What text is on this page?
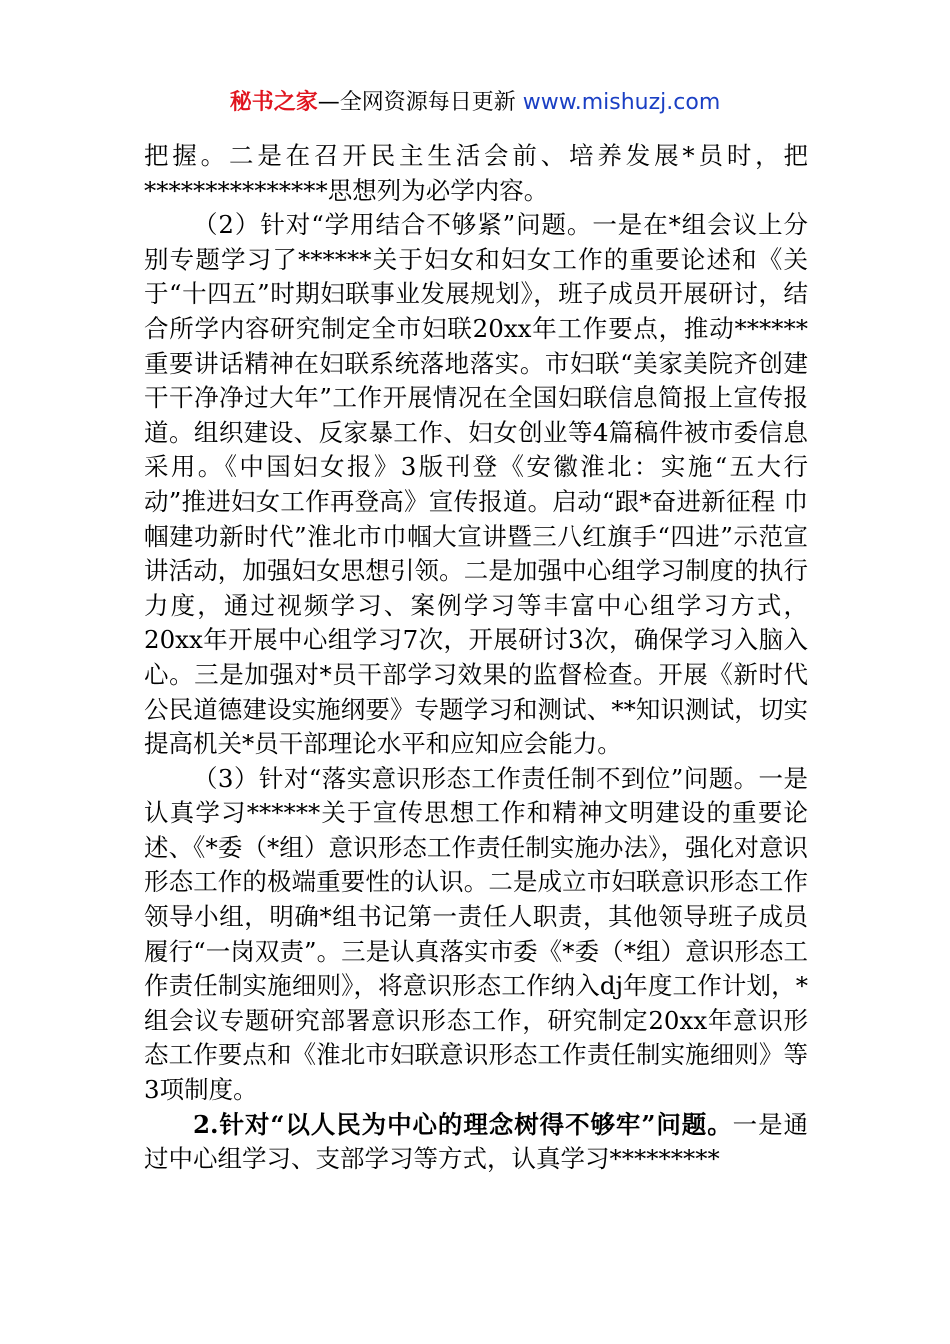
秘书之家—全网资源每日更新 www.mishuzj.com

把握。二是在召开民主生活会前、培养发展*员时，把***************思想列为必学内容。

（2）针对“学用结合不够紧”问题。一是在*组会议上分别专题学习了******关于妇女和妇女工作的重要论述和《关于“十四五”时期妇联事业发展规划》，班子成员开展研讨，结合所学内容研究制定全市妇联20xx年工作要点，推动******重要讲话精神在妇联系统落地落实。市妇联“美家美院齐创建 干干净净过大年”工作开展情况在全国妇联信息简报上宣传报道。组织建设、反家暴工作、妇女创业等4篇稿件被市委信息采用。《中国妇女报》3版刊登《安徽淮北：实施“五大行动”推进妇女工作再登高》宣传报道。启动“跟*奋进新征程 巾帼建功新时代”淮北市巾帼大宣讲暨三八红旗手“四进”示范宣讲活动，加强妇女思想引领。二是加强中心组学习制度的执行力度，通过视频学习、案例学习等丰富中心组学习方式，20xx年开展中心组学习7次，开展研讨3次，确保学习入脑入心。三是加强对*员干部学习效果的监督检查。开展《新时代公民道德建设实施纲要》专题学习和测试、**知识测试，切实提高机关*员干部理论水平和应知应会能力。

（3）针对“落实意识形态工作责任制不到位”问题。一是认真学习******关于宣传思想工作和精神文明建设的重要论述、《*委（*组）意识形态工作责任制实施办法》，强化对意识形态工作的极端重要性的认识。二是成立市妇联意识形态工作领导小组，明确*组书记第一责任人职责，其他领导班子成员履行“一岗双责”。三是认真落实市委《*委（*组）意识形态工作责任制实施细则》，将意识形态工作纳入dj年度工作计划，*组会议专题研究部署意识形态工作，研究制定20xx年意识形态工作要点和《淮北市妇联意识形态工作责任制实施细则》等3项制度。

2.针对“以人民为中心的理念树得不够牢”问题。一是通过中心组学习、支部学习等方式，认真学习*********
